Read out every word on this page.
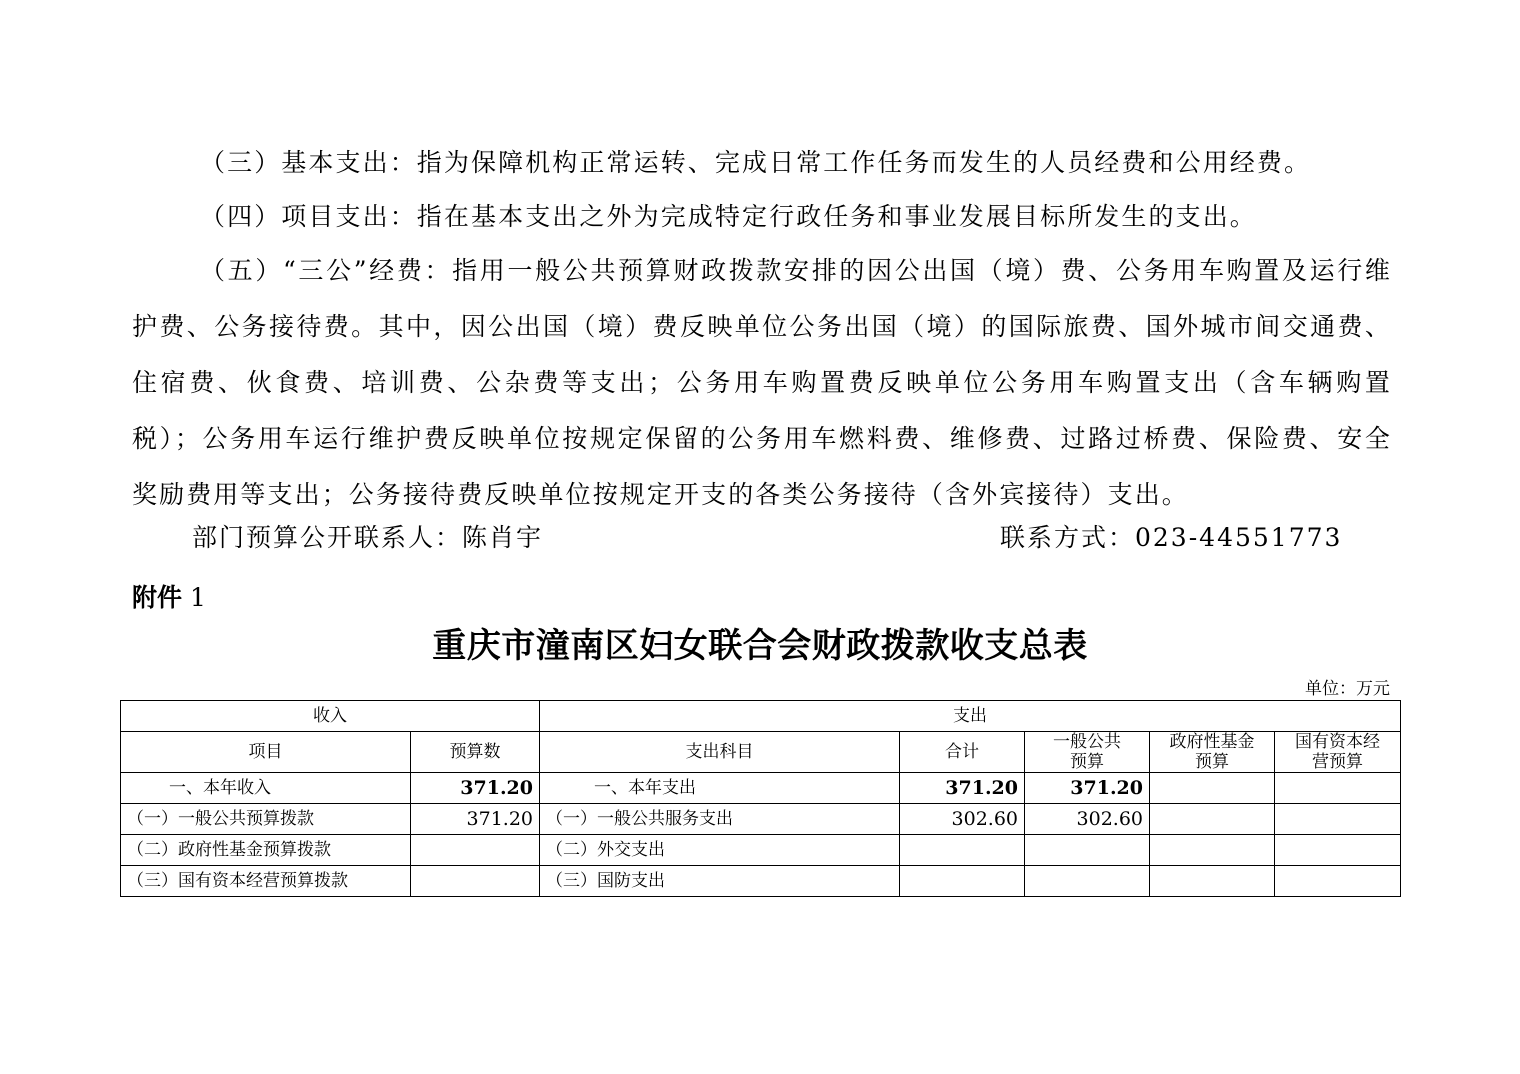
（三）基本支出：指为保障机构正常运转、完成日常工作任务而发生的人员经费和公用经费。

（四）项目支出：指在基本支出之外为完成特定行政任务和事业发展目标所发生的支出。

（五）“三公”经费：指用一般公共预算财政拨款安排的因公出国（境）费、公务用车购置及运行维护费、公务接待费。其中，因公出国（境）费反映单位公务出国（境）的国际旅费、国外城市间交通费、住宿费、伙食费、培训费、公杂费等支出；公务用车购置费反映单位公务用车购置支出（含车辆购置税）；公务用车运行维护费反映单位按规定保留的公务用车燃料费、维修费、过路过桥费、保险费、安全奖励费用等支出；公务接待费反映单位按规定开支的各类公务接待（含外宾接待）支出。

部门预算公开联系人：陈肖宇	联系方式：023-44551773
附件 1
重庆市潼南区妇女联合会财政拨款收支总表
单位：万元
收入		支出				
项目	预算数	支出科目	合计	一般公共预算	政府性基金预算	国有资本经营预算
一、本年收入	371.20	一、本年支出	371.20	371.20		
（一）一般公共预算拨款	371.20	（一）一般公共服务支出	302.60	302.60		
（二）政府性基金预算拨款		（二）外交支出				
（三）国有资本经营预算拨款		（三）国防支出				
